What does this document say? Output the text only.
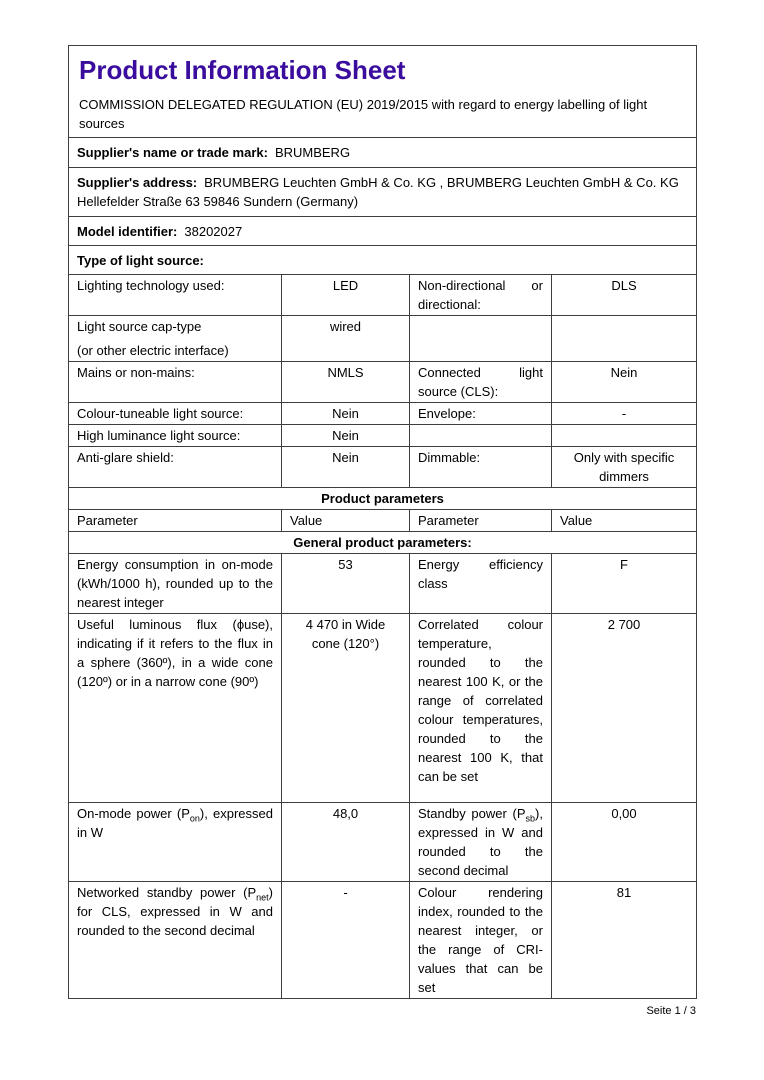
Product Information Sheet

COMMISSION DELEGATED REGULATION (EU) 2019/2015 with regard to energy labelling of light sources

Supplier's name or trade mark: BRUMBERG			
Supplier's address: BRUMBERG Leuchten GmbH & Co. KG , BRUMBERG Leuchten GmbH & Co. KG Hellefelder Straße 63 59846 Sundern (Germany)			
Model identifier: 38202027			
Type of light source:			
Lighting technology used:	LED	Non-directional or directional:	DLS

Light source cap-type
(or other electric interface)	wired		
Mains or non-mains:	NMLS	Connected light source (CLS):	Nein
Colour-tuneable light source:	Nein	Envelope:	-
High luminance light source:	Nein		
Anti-glare shield:	Nein	Dimmable:	Only with specific dimmers
Product parameters			
Parameter	Value	Parameter	Value
General product parameters:			
Energy consumption in on-mode (kWh/1000 h), rounded up to the nearest integer	53	Energy efficiency class	F
Useful luminous flux (ϕuse), indicating if it refers to the flux in a sphere (360º), in a wide cone (120º) or in a narrow cone (90º)	4 470 in Wide cone (120°)	Correlated colour temperature, rounded to the nearest 100 K, or the range of correlated colour temperatures, rounded to the nearest 100 K, that can be set	2 700
On-mode power $(P_{on})$, expressed in W	48,0	Standby power $(P_{sb})$, expressed in W and rounded to the second decimal	0,00
Networked standby power $(P_{net})$ for CLS, expressed in W and rounded to the second decimal	-	Colour rendering index, rounded to the nearest integer, or the range of CRI-values that can be set	81
Seite 1 / 3
